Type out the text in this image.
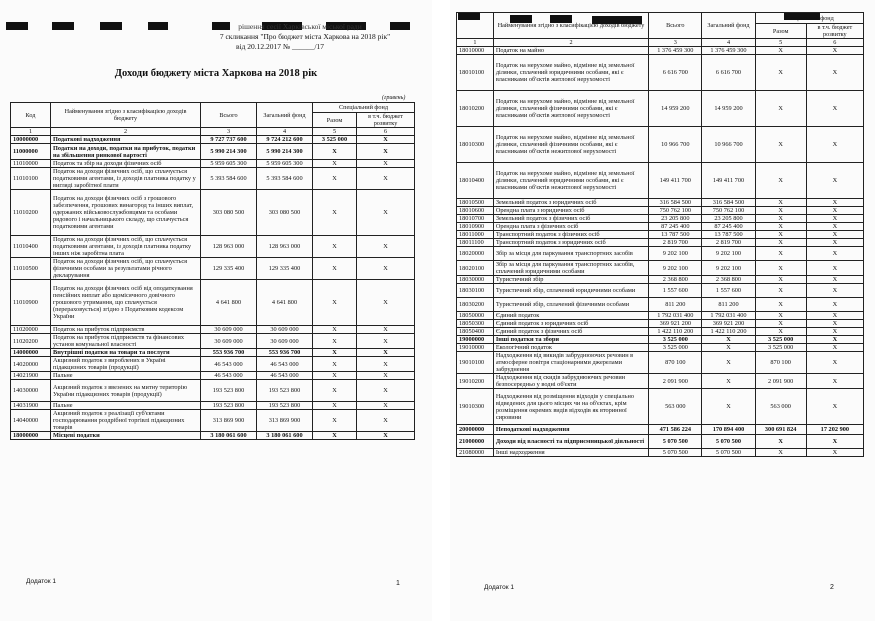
рішення сесії Харківської міської ради
7 скликання "Про бюджет міста Харкова на 2018 рік"
від 20.12.2017 № ______/17
Доходи бюджету міста Харкова на 2018 рік
(гривень)
Код	Найменування згідно з класифікацією доходів бюджету	Всього	Загальний фонд	Спеціальний фонд	
				Разом	в т.ч. бюджет розвитку
1	2	3	4	5	6
10000000	Податкові надходження	9 727 737 600	9 724 212 600	3 525 000	X
11000000	Податки на доходи, податки на прибуток, податки на збільшення ринкової вартості	5 990 214 300	5 990 214 300	X	X
11010000	Податок та збір на доходи фізичних осіб	5 959 605 300	5 959 605 300	X	X
11010100	Податок на доходи фізичних осіб, що сплачується податковими агентами, із доходів платника податку у вигляді заробітної плати	5 393 584 600	5 393 584 600	X	X
11010200	Податок на доходи фізичних осіб з грошового забезпечення, грошових винагород та інших виплат, одержаних військовослужбовцями та особами рядового і начальницького складу, що сплачується податковими агентами	303 080 500	303 080 500	X	X
11010400	Податок на доходи фізичних осіб, що сплачується податковими агентами, із доходів платника податку інших ніж заробітна плата	128 963 000	128 963 000	X	X
11010500	Податок на доходи фізичних осіб, що сплачується фізичними особами за результатами річного декларування	129 335 400	129 335 400	X	X
11010900	Податок на доходи фізичних осіб від оподаткування пенсійних виплат або щомісячного довічного грошового утримання, що сплачується (перераховується) згідно з Податковим кодексом України	4 641 800	4 641 800	X	X
11020000	Податок на прибуток підприємств	30 609 000	30 609 000	X	X
11020200	Податок на прибуток підприємств та фінансових установ комунальної власності	30 609 000	30 609 000	X	X
14000000	Внутрішні податки на товари та послуги	553 936 700	553 936 700	X	X
14020000	Акцизний податок з вироблених в Україні підакцизних товарів (продукції)	46 543 000	46 543 000	X	X
14021900	Пальне	46 543 000	46 543 000	X	X
14030000	Акцизний податок з ввезених на митну територію України підакцизних товарів (продукції)	193 523 800	193 523 800	X	X
14031900	Пальне	193 523 800	193 523 800	X	X
14040000	Акцизний податок з реалізації суб'єктами господарювання роздрібної торгівлі підакцизних товарів	313 869 900	313 869 900	X	X
18000000	Місцеві податки	3 180 061 600	3 180 061 600	X	X
Додаток 1	1
	Найменування згідно з класифікацією доходів бюджету	Всього	Загальний фонд	Спеціальний фонд	
				Разом	в т.ч. бюджет розвитку
1	2	3	4	5	6
18010000	Податок на майно	1 376 459 300	1 376 459 300	X	X
18010100	Податок на нерухоме майно, відмінне від земельної ділянки, сплачений юридичними особами, які є власниками об'єктів житлової нерухомості	6 616 700	6 616 700	X	X
18010200	Податок на нерухоме майно, відмінне від земельної ділянки, сплачений фізичними особами, які є власниками об'єктів житлової нерухомості	14 959 200	14 959 200	X	X
18010300	Податок на нерухоме майно, відмінне від земельної ділянки, сплачений фізичними особами, які є власниками об'єктів нежитлової нерухомості	10 966 700	10 966 700	X	X
18010400	Податок на нерухоме майно, відмінне від земельної ділянки, сплачений юридичними особами, які є власниками об'єктів нежитлової нерухомості	149 411 700	149 411 700	X	X
18010500	Земельний податок з юридичних осіб	316 584 500	316 584 500	X	X
18010600	Орендна плата з юридичних осіб	750 762 100	750 762 100	X	X
18010700	Земельний податок з фізичних осіб	23 205 800	23 205 800	X	X
18010900	Орендна плата з фізичних осіб	87 245 400	87 245 400	X	X
18011000	Транспортний податок з фізичних осіб	13 787 500	13 787 500	X	X
18011100	Транспортний податок з юридичних осіб	2 819 700	2 819 700	X	X
18020000	Збір за місця для паркування транспортних засобів	9 202 100	9 202 100	X	X
18020100	Збір за місця для паркування транспортних засобів, сплачений юридичними особами	9 202 100	9 202 100	X	X
18030000	Туристичний збір	2 368 800	2 368 800	X	X
18030100	Туристичний збір, сплачений юридичними особами	1 557 600	1 557 600	X	X
18030200	Туристичний збір, сплачений фізичними особами	811 200	811 200	X	X
18050000	Єдиний податок	1 792 031 400	1 792 031 400	X	X
18050300	Єдиний податок з юридичних осіб	369 921 200	369 921 200	X	X
18050400	Єдиний податок з фізичних осіб	1 422 110 200	1 422 110 200	X	X
19000000	Інші податки та збори	3 525 000	X	3 525 000	X
19010000	Екологічний податок	3 525 000	X	3 525 000	X
19010100	Надходження від викидів забруднюючих речовин в атмосферне повітря стаціонарними джерелами забруднення	870 100	X	870 100	X
19010200	Надходження від скидів забруднюючих речовин безпосередньо у водні об'єкти	2 091 900	X	2 091 900	X
19010300	Надходження від розміщення відходів у спеціально відведених для цього місцях чи на об'єктах, крім розміщення окремих видів відходів як вторинної сировини	563 000	X	563 000	X
20000000	Неподаткові надходження	471 586 224	170 894 400	300 691 824	17 202 900
21000000	Доходи від власності та підприємницької діяльності	5 070 500	5 070 500	X	X
21080000	Інші надходження	5 070 500	5 070 500	X	X
Додаток 1	2
